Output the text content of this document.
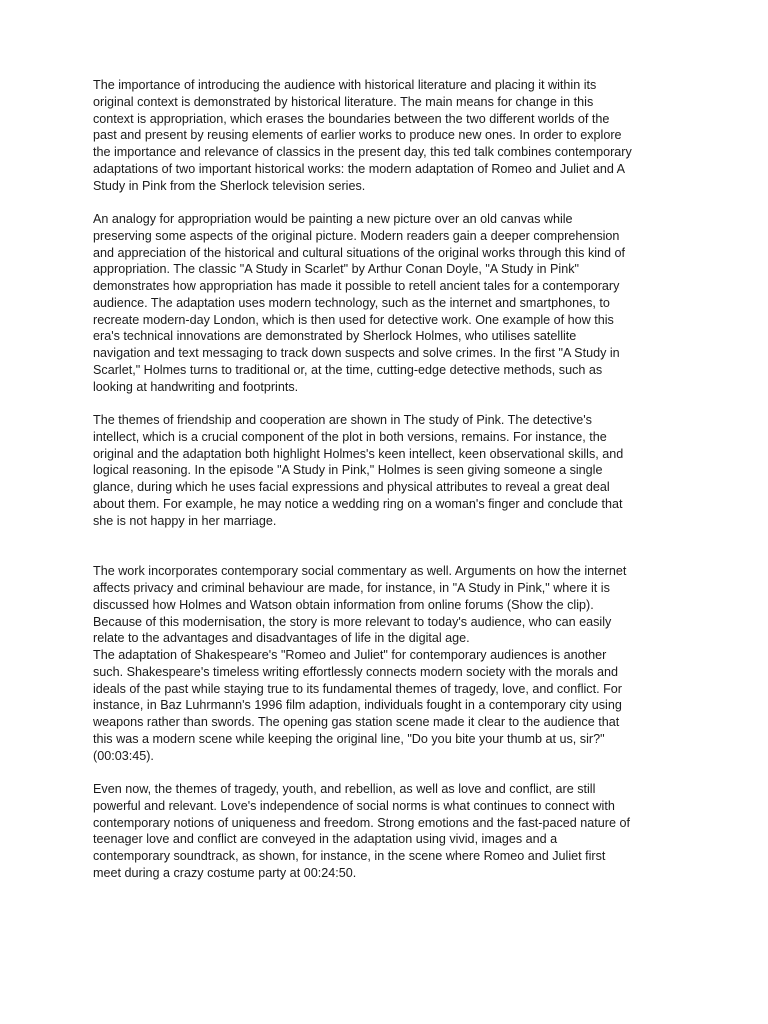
The importance of introducing the audience with historical literature and placing it within its
original context is demonstrated by historical literature. The main means for change in this
context is appropriation, which erases the boundaries between the two different worlds of the
past and present by reusing elements of earlier works to produce new ones. In order to explore
the importance and relevance of classics in the present day, this ted talk combines contemporary
adaptations of two important historical works: the modern adaptation of Romeo and Juliet and A
Study in Pink from the Sherlock television series.

An analogy for appropriation would be painting a new picture over an old canvas while
preserving some aspects of the original picture. Modern readers gain a deeper comprehension
and appreciation of the historical and cultural situations of the original works through this kind of
appropriation. The classic "A Study in Scarlet" by Arthur Conan Doyle, "A Study in Pink"
demonstrates how appropriation has made it possible to retell ancient tales for a contemporary
audience. The adaptation uses modern technology, such as the internet and smartphones, to
recreate modern-day London, which is then used for detective work. One example of how this
era's technical innovations are demonstrated by Sherlock Holmes, who utilises satellite
navigation and text messaging to track down suspects and solve crimes. In the first "A Study in
Scarlet," Holmes turns to traditional or, at the time, cutting-edge detective methods, such as
looking at handwriting and footprints.

The themes of friendship and cooperation are shown in The study of Pink. The detective's
intellect, which is a crucial component of the plot in both versions, remains. For instance, the
original and the adaptation both highlight Holmes's keen intellect, keen observational skills, and
logical reasoning. In the episode "A Study in Pink," Holmes is seen giving someone a single
glance, during which he uses facial expressions and physical attributes to reveal a great deal
about them. For example, he may notice a wedding ring on a woman's finger and conclude that
she is not happy in her marriage.

The work incorporates contemporary social commentary as well. Arguments on how the internet
affects privacy and criminal behaviour are made, for instance, in "A Study in Pink," where it is
discussed how Holmes and Watson obtain information from online forums (Show the clip).
Because of this modernisation, the story is more relevant to today's audience, who can easily
relate to the advantages and disadvantages of life in the digital age.

The adaptation of Shakespeare's "Romeo and Juliet" for contemporary audiences is another
such. Shakespeare's timeless writing effortlessly connects modern society with the morals and
ideals of the past while staying true to its fundamental themes of tragedy, love, and conflict. For
instance, in Baz Luhrmann's 1996 film adaption, individuals fought in a contemporary city using
weapons rather than swords. The opening gas station scene made it clear to the audience that
this was a modern scene while keeping the original line, "Do you bite your thumb at us, sir?"
(00:03:45).

Even now, the themes of tragedy, youth, and rebellion, as well as love and conflict, are still
powerful and relevant. Love's independence of social norms is what continues to connect with
contemporary notions of uniqueness and freedom. Strong emotions and the fast-paced nature of
teenager love and conflict are conveyed in the adaptation using vivid, images and a
contemporary soundtrack, as shown, for instance, in the scene where Romeo and Juliet first
meet during a crazy costume party at 00:24:50.
